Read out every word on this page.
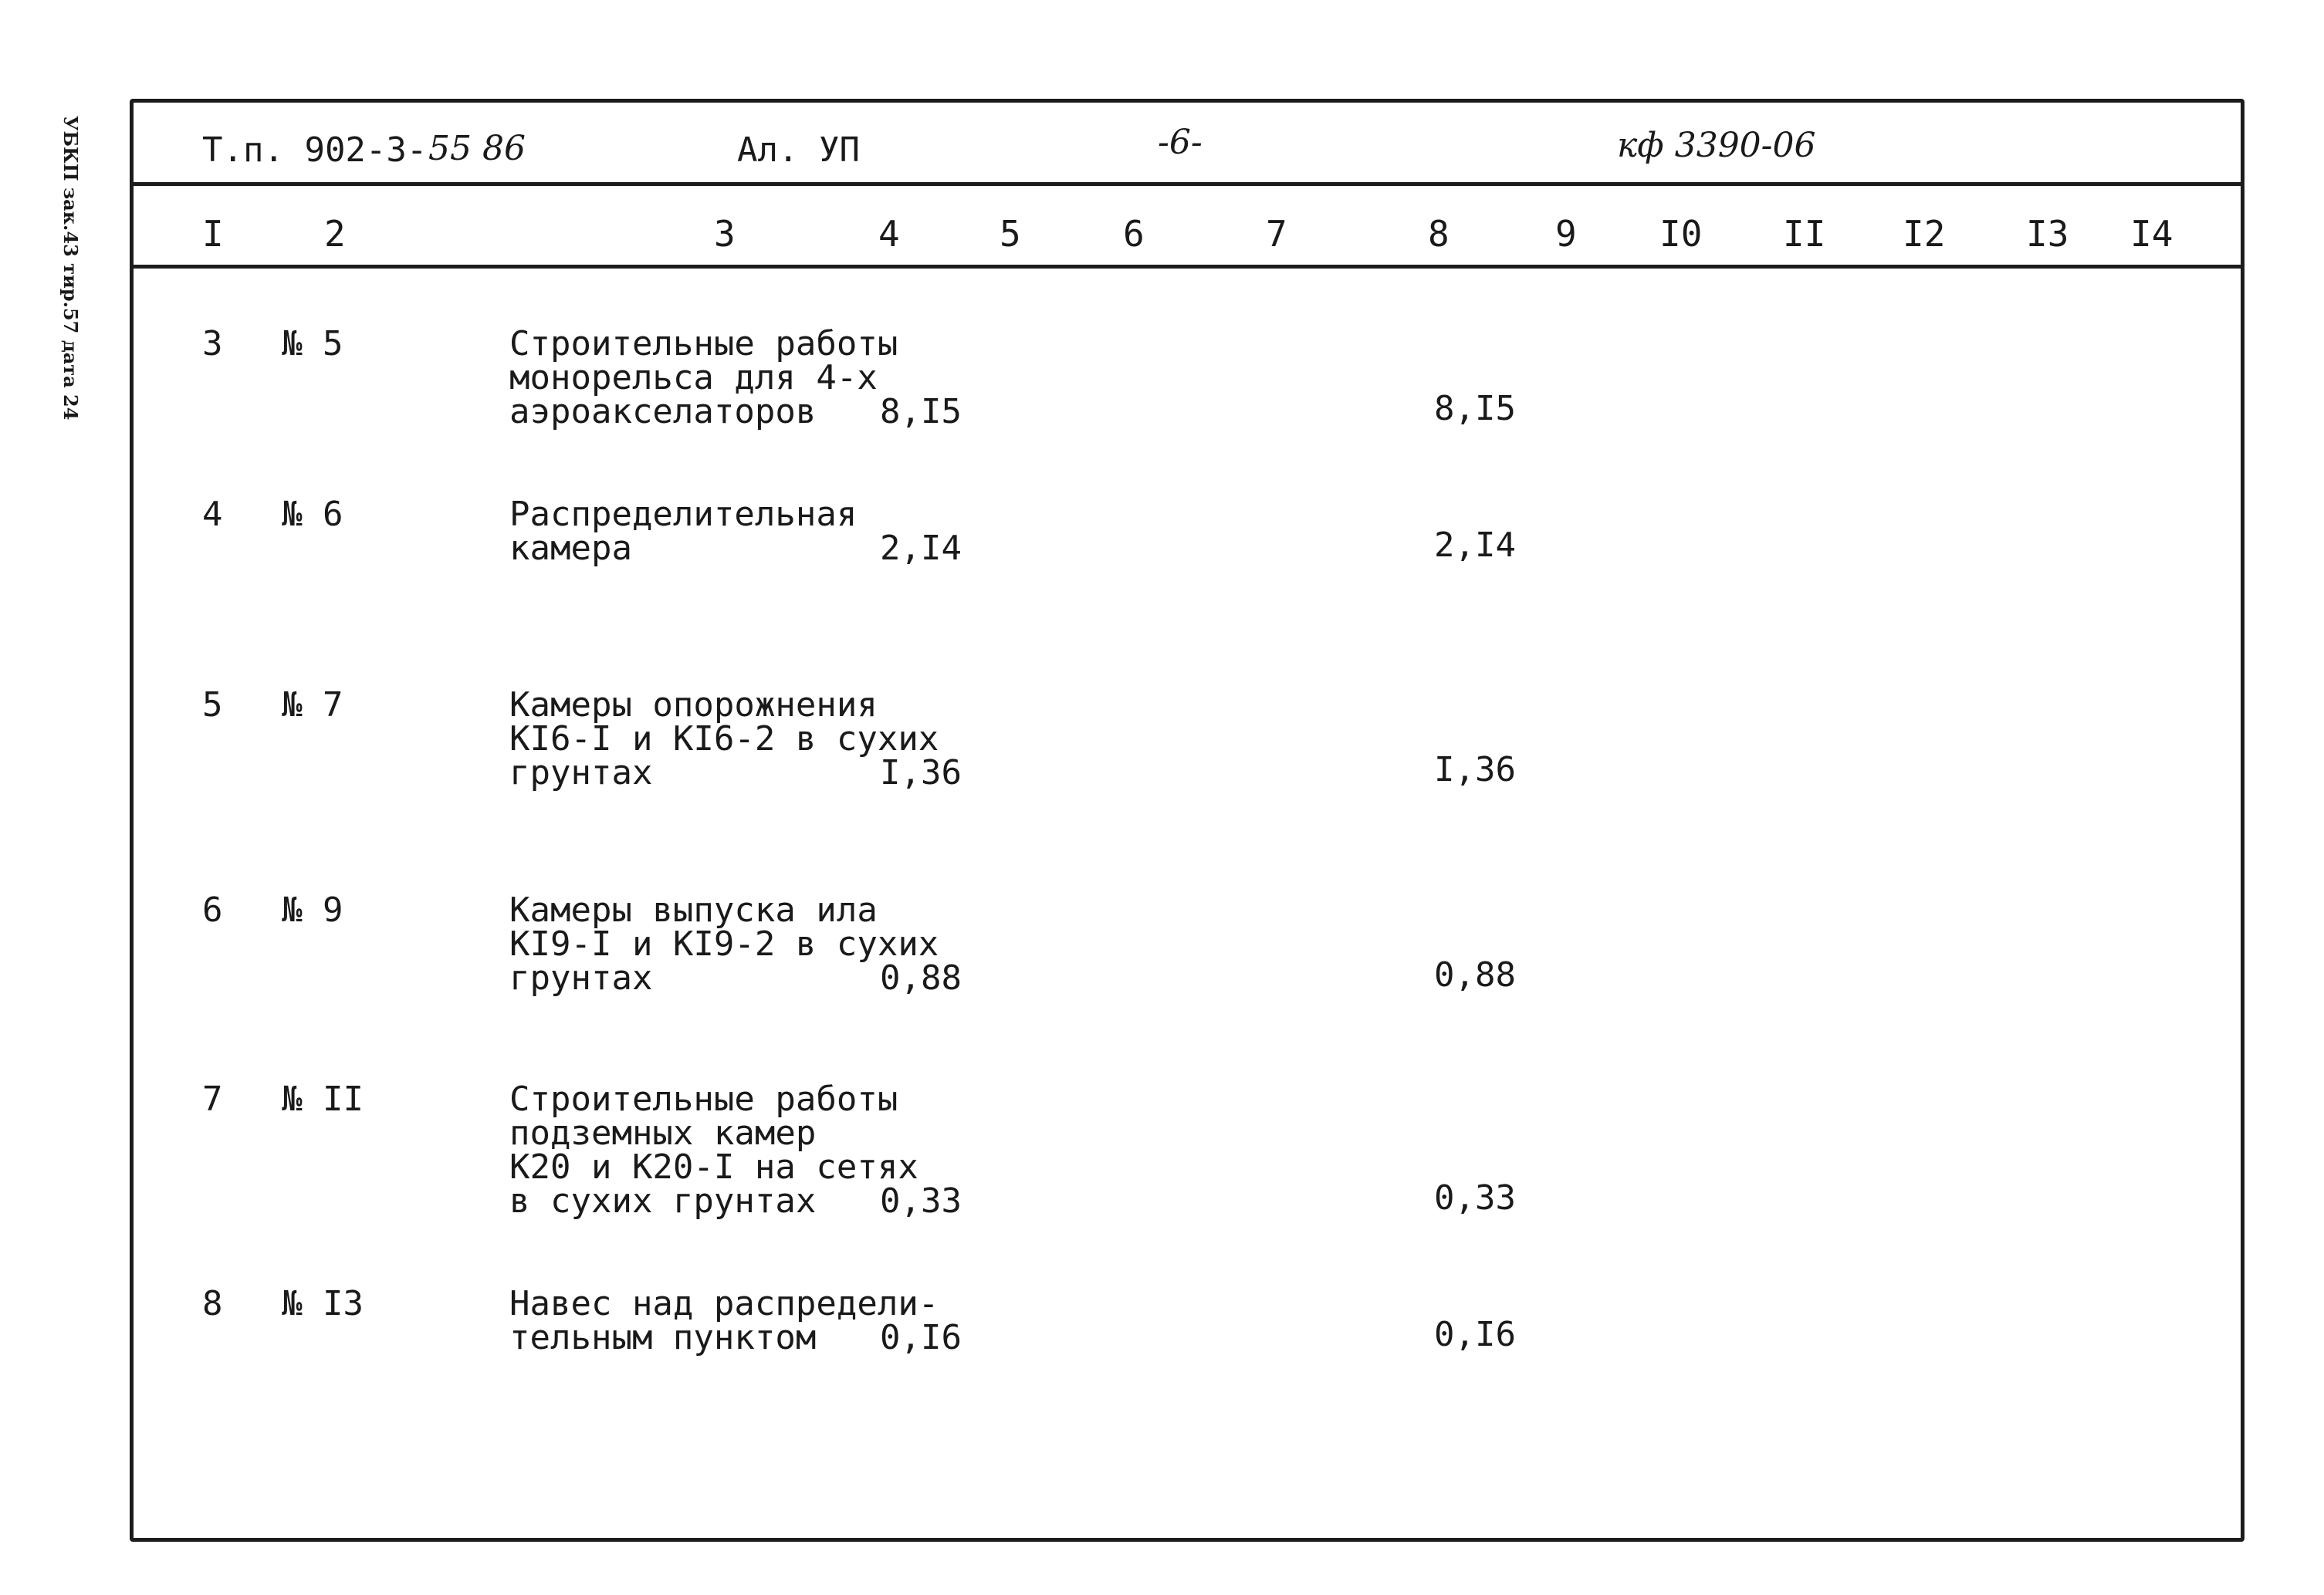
УБКП зак.43 тир.57 дата 24	Т.п. 902-3- 55 86	Ал. УП	-6-	кф 3390-06
I	2	3	4	5	6	7	8	9 I0 II I2 I3 I4
3 № 5	Строительные работы
монорельса для 4-х
аэроакселаторов 8,I5	8,I5
4 № 6	Распределительная
камера	2,I4	2,I4
5 № 7	Камеры опорожнения
КI6-I и КI6-2 в сухих
грунтах	I,36	I,36
6 № 9	Камеры выпуска ила
КI9-I и КI9-2 в сухих
грунтах	0,88	0,88
7 № II	Строительные работы
подземных камер
К20 и К20-I на сетях
в сухих грунтах 0,33	0,33
8 № I3	Навес над распредели-
тельным пунктом 0,I6	0,I6
